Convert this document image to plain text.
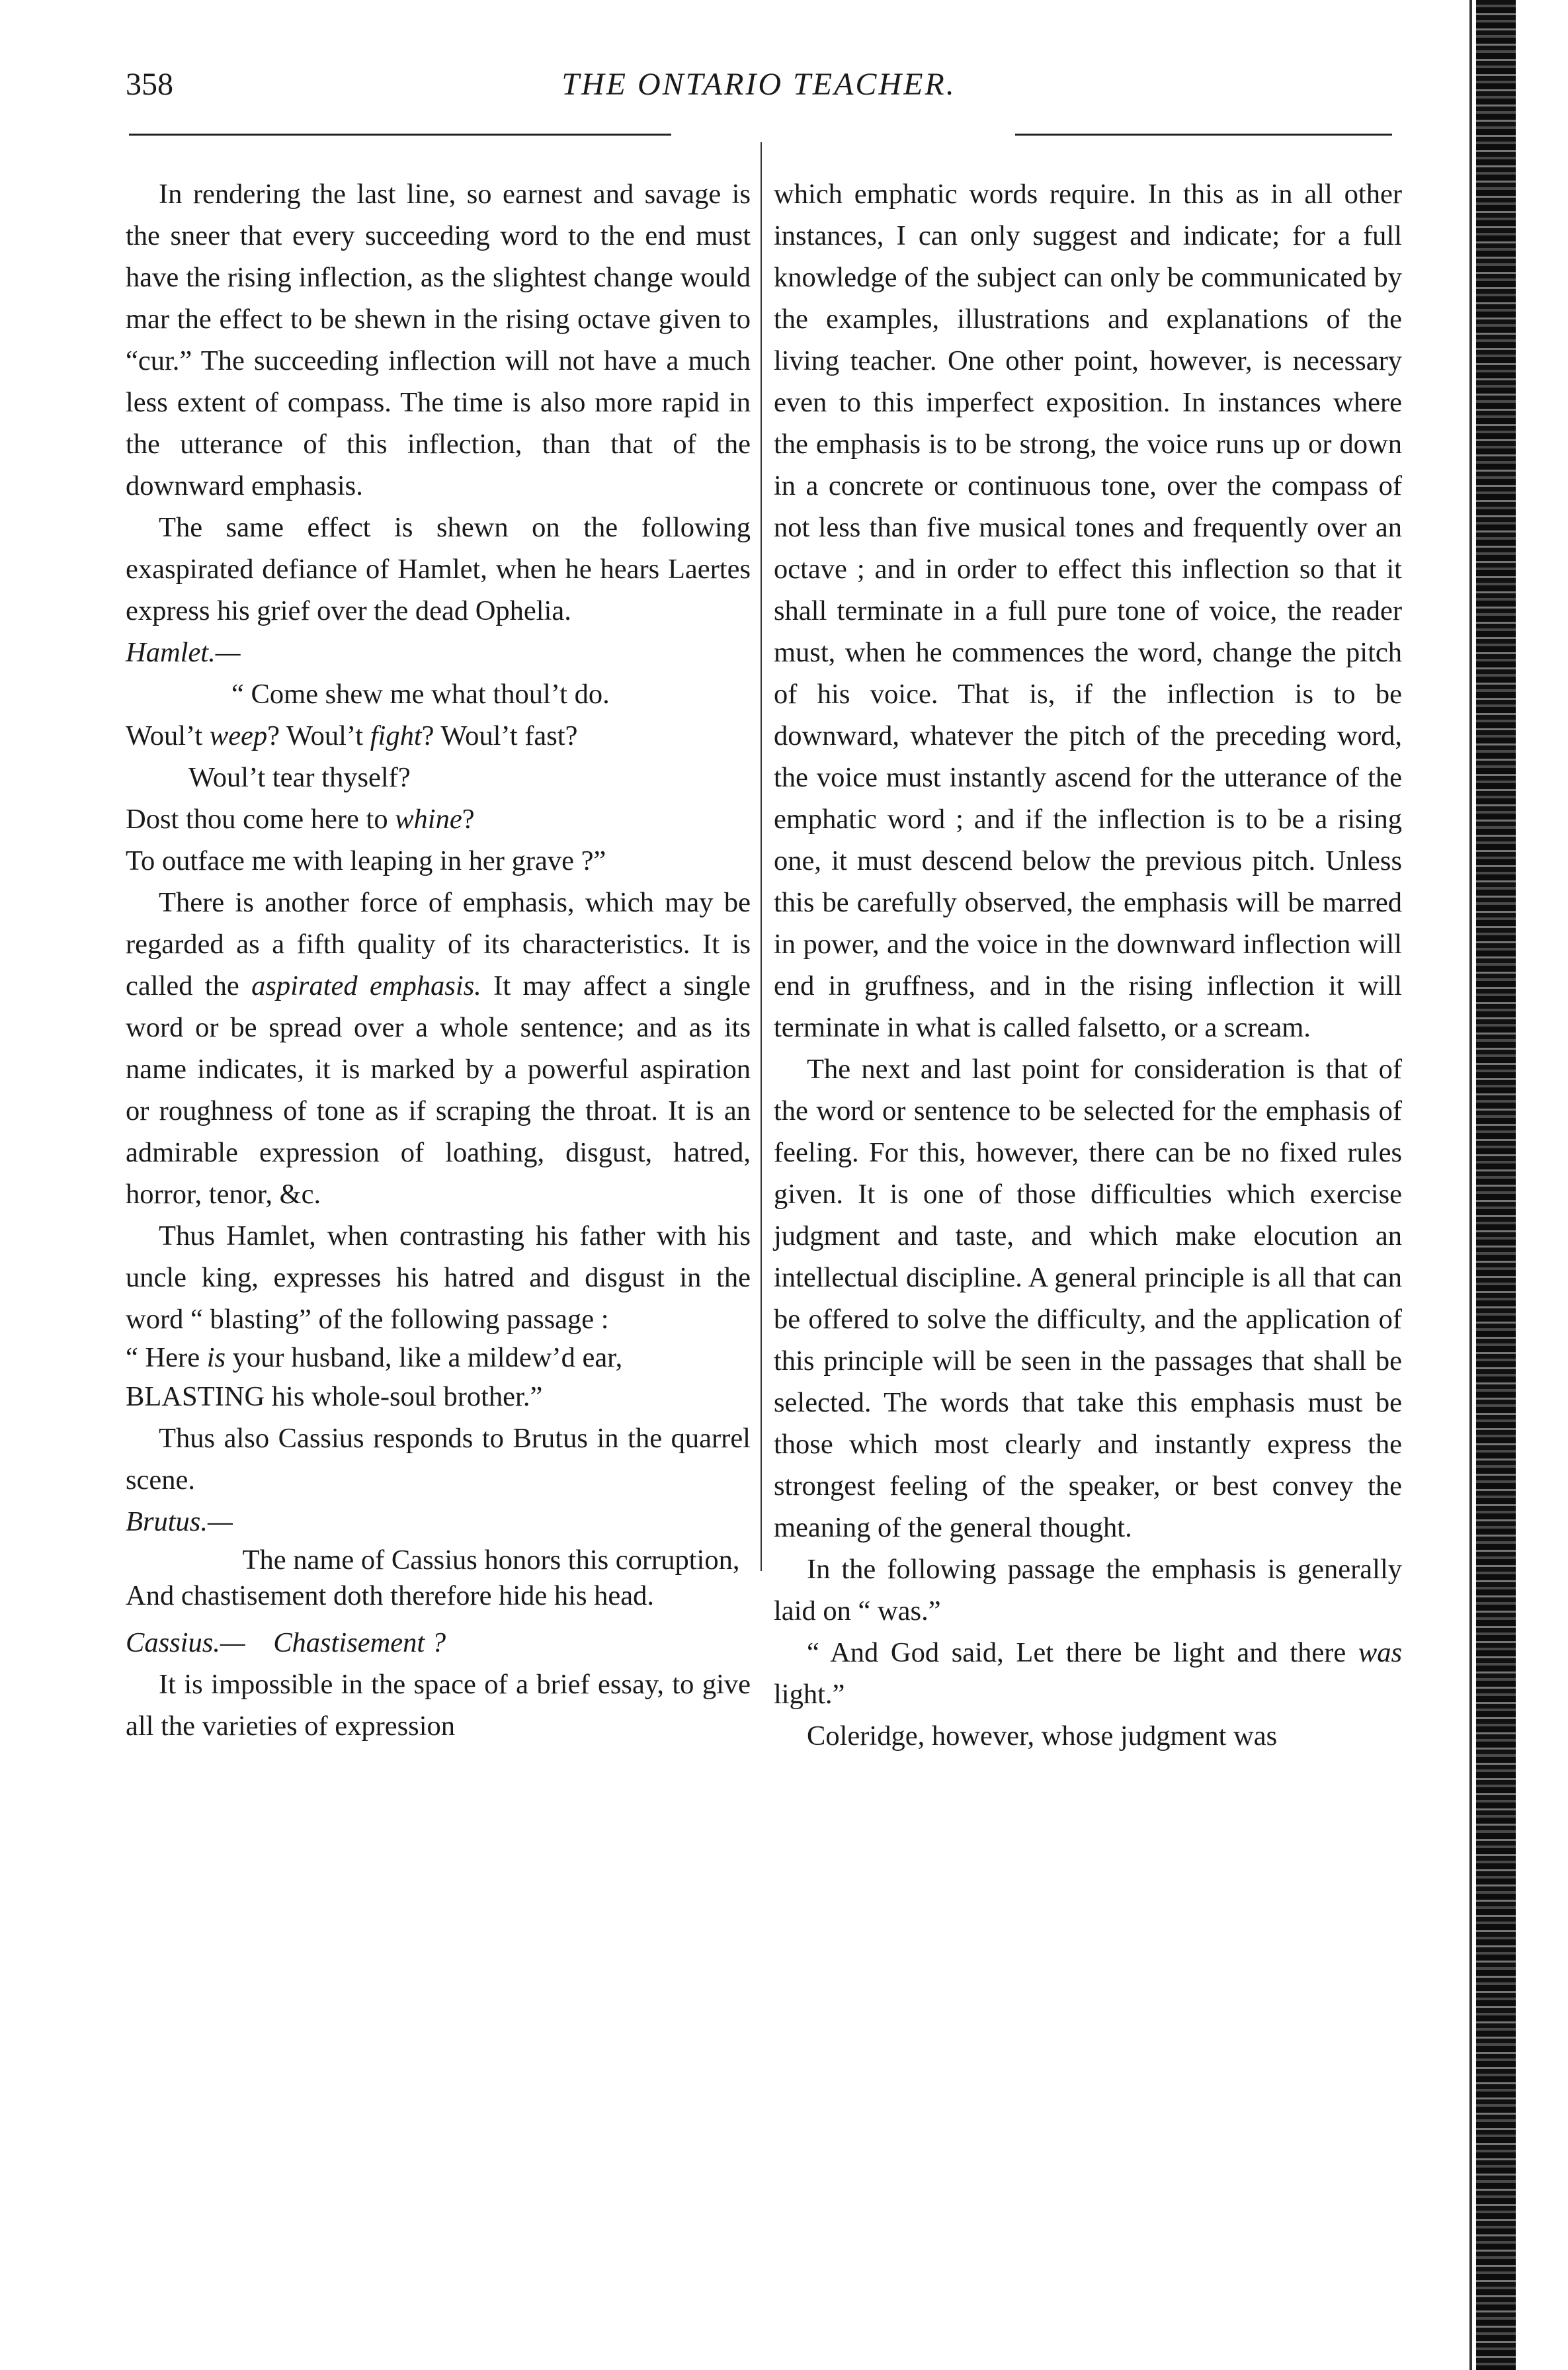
358	THE ONTARIO TEACHER.

In rendering the last line, so earnest and savage is the sneer that every succeeding word to the end must have the rising inflection, as the slightest change would mar the effect to be shewn in the rising octave given to “cur.” The succeeding inflection will not have a much less extent of compass. The time is also more rapid in the utterance of this inflection, than that of the downward emphasis.

The same effect is shewn on the following exaspirated defiance of Hamlet, when he hears Laertes express his grief over the dead Ophelia.

Hamlet.—
“ Come shew me what thoul’t do.
Woul’t weep? Woul’t fight? Woul’t fast?
Woul’t tear thyself?
Dost thou come here to whine?
To outface me with leaping in her grave ?”

There is another force of emphasis, which may be regarded as a fifth quality of its characteristics. It is called the aspirated emphasis. It may affect a single word or be spread over a whole sentence; and as its name indicates, it is marked by a powerful aspiration or roughness of tone as if scraping the throat. It is an admirable expression of loathing, disgust, hatred, horror, tenor, &c.

Thus Hamlet, when contrasting his father with his uncle king, expresses his hatred and disgust in the word “ blasting” of the following passage :

“ Here is your husband, like a mildew’d ear,
BLASTING his whole-soul brother.”

Thus also Cassius responds to Brutus in the quarrel scene.

Brutus.—
The name of Cassius honors this corruption,
And chastisement doth therefore hide his head.
Cassius.— Chastisement ?

It is impossible in the space of a brief essay, to give all the varieties of expression

which emphatic words require. In this as in all other instances, I can only suggest and indicate; for a full knowledge of the subject can only be communicated by the examples, illustrations and explanations of the living teacher. One other point, however, is necessary even to this imperfect exposition. In instances where the emphasis is to be strong, the voice runs up or down in a concrete or continuous tone, over the compass of not less than five musical tones and frequently over an octave ; and in order to effect this inflection so that it shall terminate in a full pure tone of voice, the reader must, when he commences the word, change the pitch of his voice. That is, if the inflection is to be downward, whatever the pitch of the preceding word, the voice must instantly ascend for the utterance of the emphatic word ; and if the inflection is to be a rising one, it must descend below the previous pitch. Unless this be carefully observed, the emphasis will be marred in power, and the voice in the downward inflection will end in gruffness, and in the rising inflection it will terminate in what is called falsetto, or a scream.

The next and last point for consideration is that of the word or sentence to be selected for the emphasis of feeling. For this, however, there can be no fixed rules given. It is one of those difficulties which exercise judgment and taste, and which make elocution an intellectual discipline. A general principle is all that can be offered to solve the difficulty, and the application of this principle will be seen in the passages that shall be selected. The words that take this emphasis must be those which most clearly and instantly express the strongest feeling of the speaker, or best convey the meaning of the general thought.

In the following passage the emphasis is generally laid on “ was.”

“ And God said, Let there be light and there was light.”

Coleridge, however, whose judgment was
